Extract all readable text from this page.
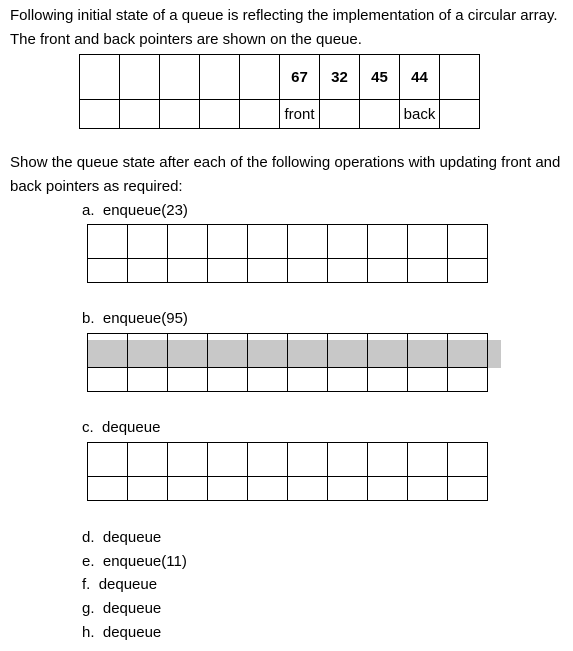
Following initial state of a queue is reflecting the implementation of a circular array. The front and back pointers are shown on the queue.

					67	32	45	44	
					front			back	

Show the queue state after each of the following operations with updating front and back pointers as required:

a. enqueue(23)

b. enqueue(95)

c. dequeue

d. dequeue

e. enqueue(11)

f. dequeue

g. dequeue

h. dequeue
